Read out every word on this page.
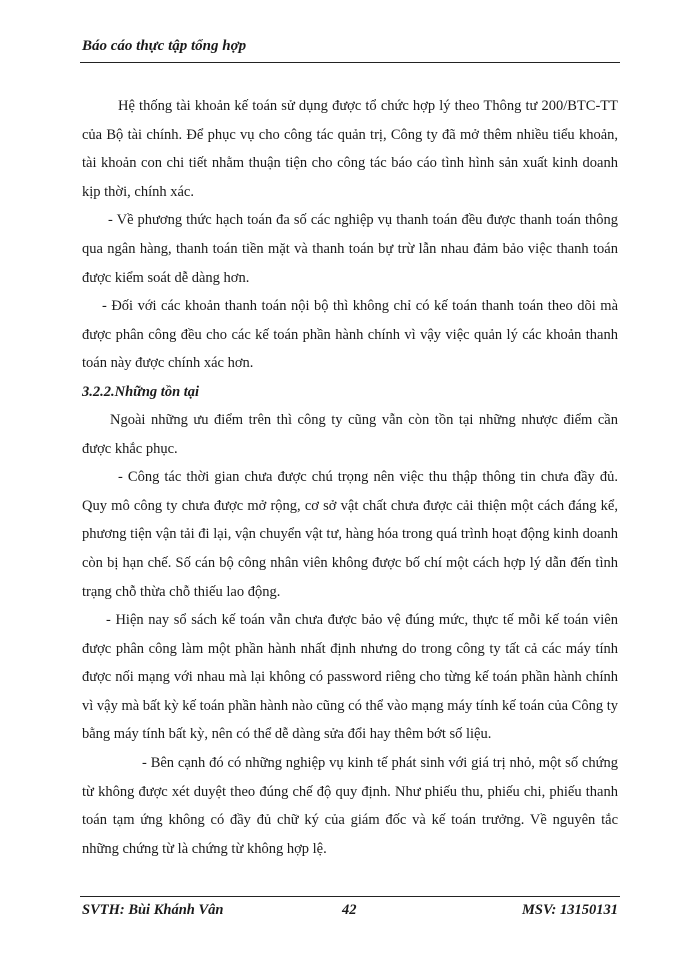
Báo cáo thực tập tổng hợp

Hệ thống tài khoản kế toán sử dụng được tổ chức hợp lý theo Thông tư 200/BTC-TT của Bộ tài chính. Để phục vụ cho công tác quản trị, Công ty đã mở thêm nhiều tiểu khoản, tài khoản con chi tiết nhằm thuận tiện cho công tác báo cáo tình hình sản xuất kinh doanh kịp thời, chính xác.

- Về phương thức hạch toán đa số các nghiệp vụ thanh toán đều được thanh toán thông qua ngân hàng, thanh toán tiền mặt và thanh toán bự trừ lẫn nhau đảm bảo việc thanh toán được kiểm soát dễ dàng hơn.

- Đối với các khoản thanh toán nội bộ thì không chỉ có kế toán thanh toán theo dõi mà được phân công đều cho các kế toán phần hành chính vì vậy việc quản lý các khoản thanh toán này được chính xác hơn.

3.2.2.Những tồn tại

Ngoài những ưu điểm trên thì công ty cũng vẫn còn tồn tại những nhược điểm cần được khắc phục.

- Công tác thời gian chưa được chú trọng nên việc thu thập thông tin chưa đầy đủ. Quy mô công ty chưa được mở rộng, cơ sở vật chất chưa được cải thiện một cách đáng kể, phương tiện vận tải đi lại, vận chuyển vật tư, hàng hóa trong quá trình hoạt động kinh doanh còn bị hạn chế. Số cán bộ công nhân viên không được bố chí một cách hợp lý dẫn đến tình trạng chỗ thừa chỗ thiếu lao động.

- Hiện nay sổ sách kế toán vẫn chưa được bảo vệ đúng mức, thực tế mỗi kế toán viên được phân công làm một phần hành nhất định nhưng do trong công ty tất cả các máy tính được nối mạng với nhau mà lại không có password riêng cho từng kế toán phần hành chính vì vậy mà bất kỳ kế toán phần hành nào cũng có thể vào mạng máy tính kế toán của Công ty bằng máy tính bất kỳ, nên có thể dễ dàng sửa đổi hay thêm bớt số liệu.

- Bên cạnh đó có những nghiệp vụ kinh tế phát sinh với giá trị nhỏ, một số chứng từ không được xét duyệt theo đúng chế độ quy định. Như phiếu thu, phiếu chi, phiếu thanh toán tạm ứng không có đầy đủ chữ ký của giám đốc và kế toán trưởng. Về nguyên tắc những chứng từ là chứng từ không hợp lệ.

SVTH: Bùi Khánh Vân	42	MSV: 13150131
